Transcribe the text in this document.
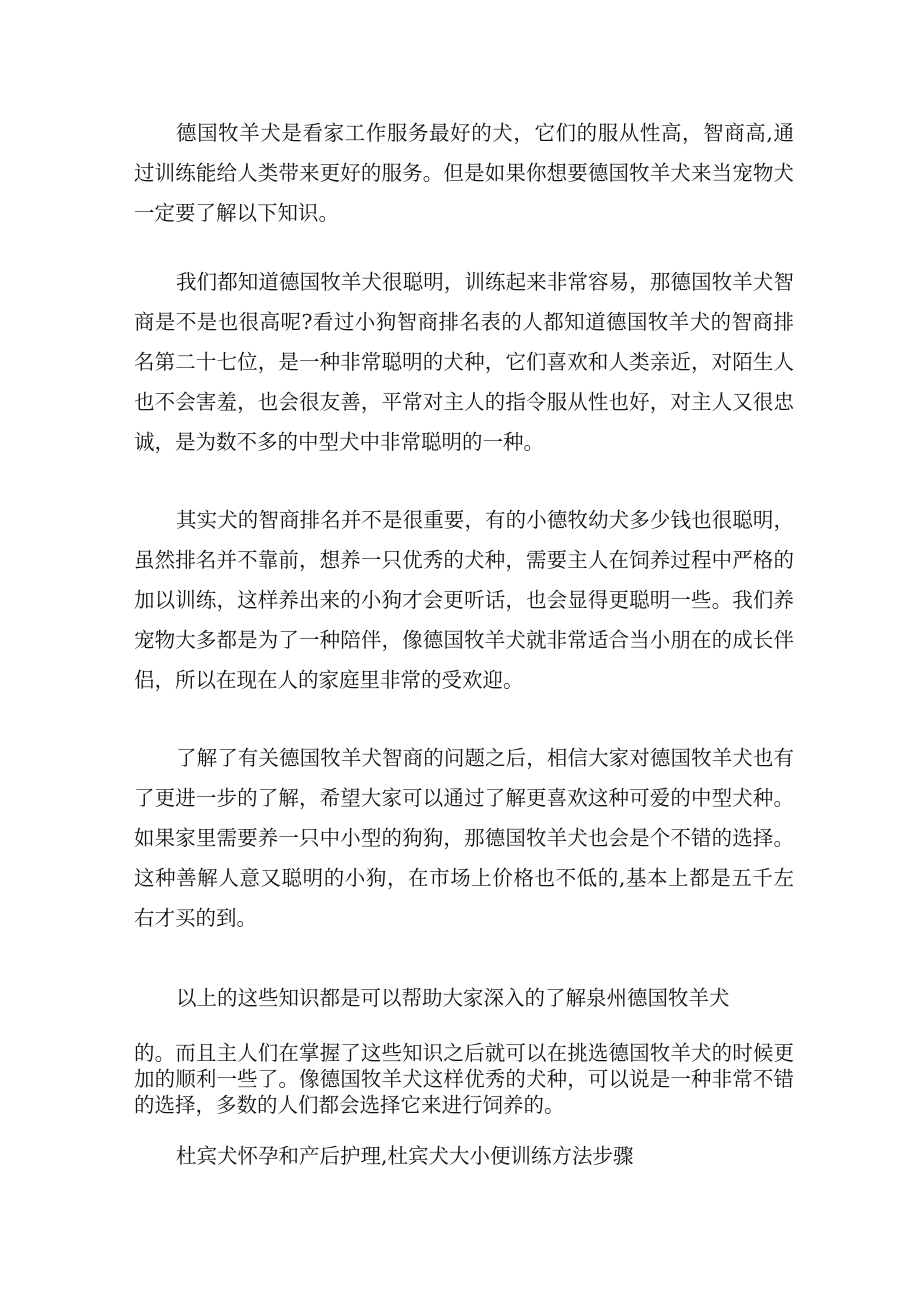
德国牧羊犬是看家工作服务最好的犬，它们的服从性高，智商高,通过训练能给人类带来更好的服务。但是如果你想要德国牧羊犬来当宠物犬一定要了解以下知识。

我们都知道德国牧羊犬很聪明，训练起来非常容易，那德国牧羊犬智商是不是也很高呢?看过小狗智商排名表的人都知道德国牧羊犬的智商排名第二十七位，是一种非常聪明的犬种，它们喜欢和人类亲近，对陌生人也不会害羞，也会很友善，平常对主人的指令服从性也好，对主人又很忠诚，是为数不多的中型犬中非常聪明的一种。

其实犬的智商排名并不是很重要，有的小德牧幼犬多少钱也很聪明，虽然排名并不靠前，想养一只优秀的犬种，需要主人在饲养过程中严格的加以训练，这样养出来的小狗才会更听话，也会显得更聪明一些。我们养宠物大多都是为了一种陪伴，像德国牧羊犬就非常适合当小朋在的成长伴侣，所以在现在人的家庭里非常的受欢迎。

了解了有关德国牧羊犬智商的问题之后，相信大家对德国牧羊犬也有了更进一步的了解，希望大家可以通过了解更喜欢这种可爱的中型犬种。如果家里需要养一只中小型的狗狗，那德国牧羊犬也会是个不错的选择。这种善解人意又聪明的小狗，在市场上价格也不低的,基本上都是五千左右才买的到。

以上的这些知识都是可以帮助大家深入的了解泉州德国牧羊犬

的。而且主人们在掌握了这些知识之后就可以在挑选德国牧羊犬的时候更加的顺利一些了。像德国牧羊犬这样优秀的犬种，可以说是一种非常不错的选择，多数的人们都会选择它来进行饲养的。

杜宾犬怀孕和产后护理,杜宾犬大小便训练方法步骤
